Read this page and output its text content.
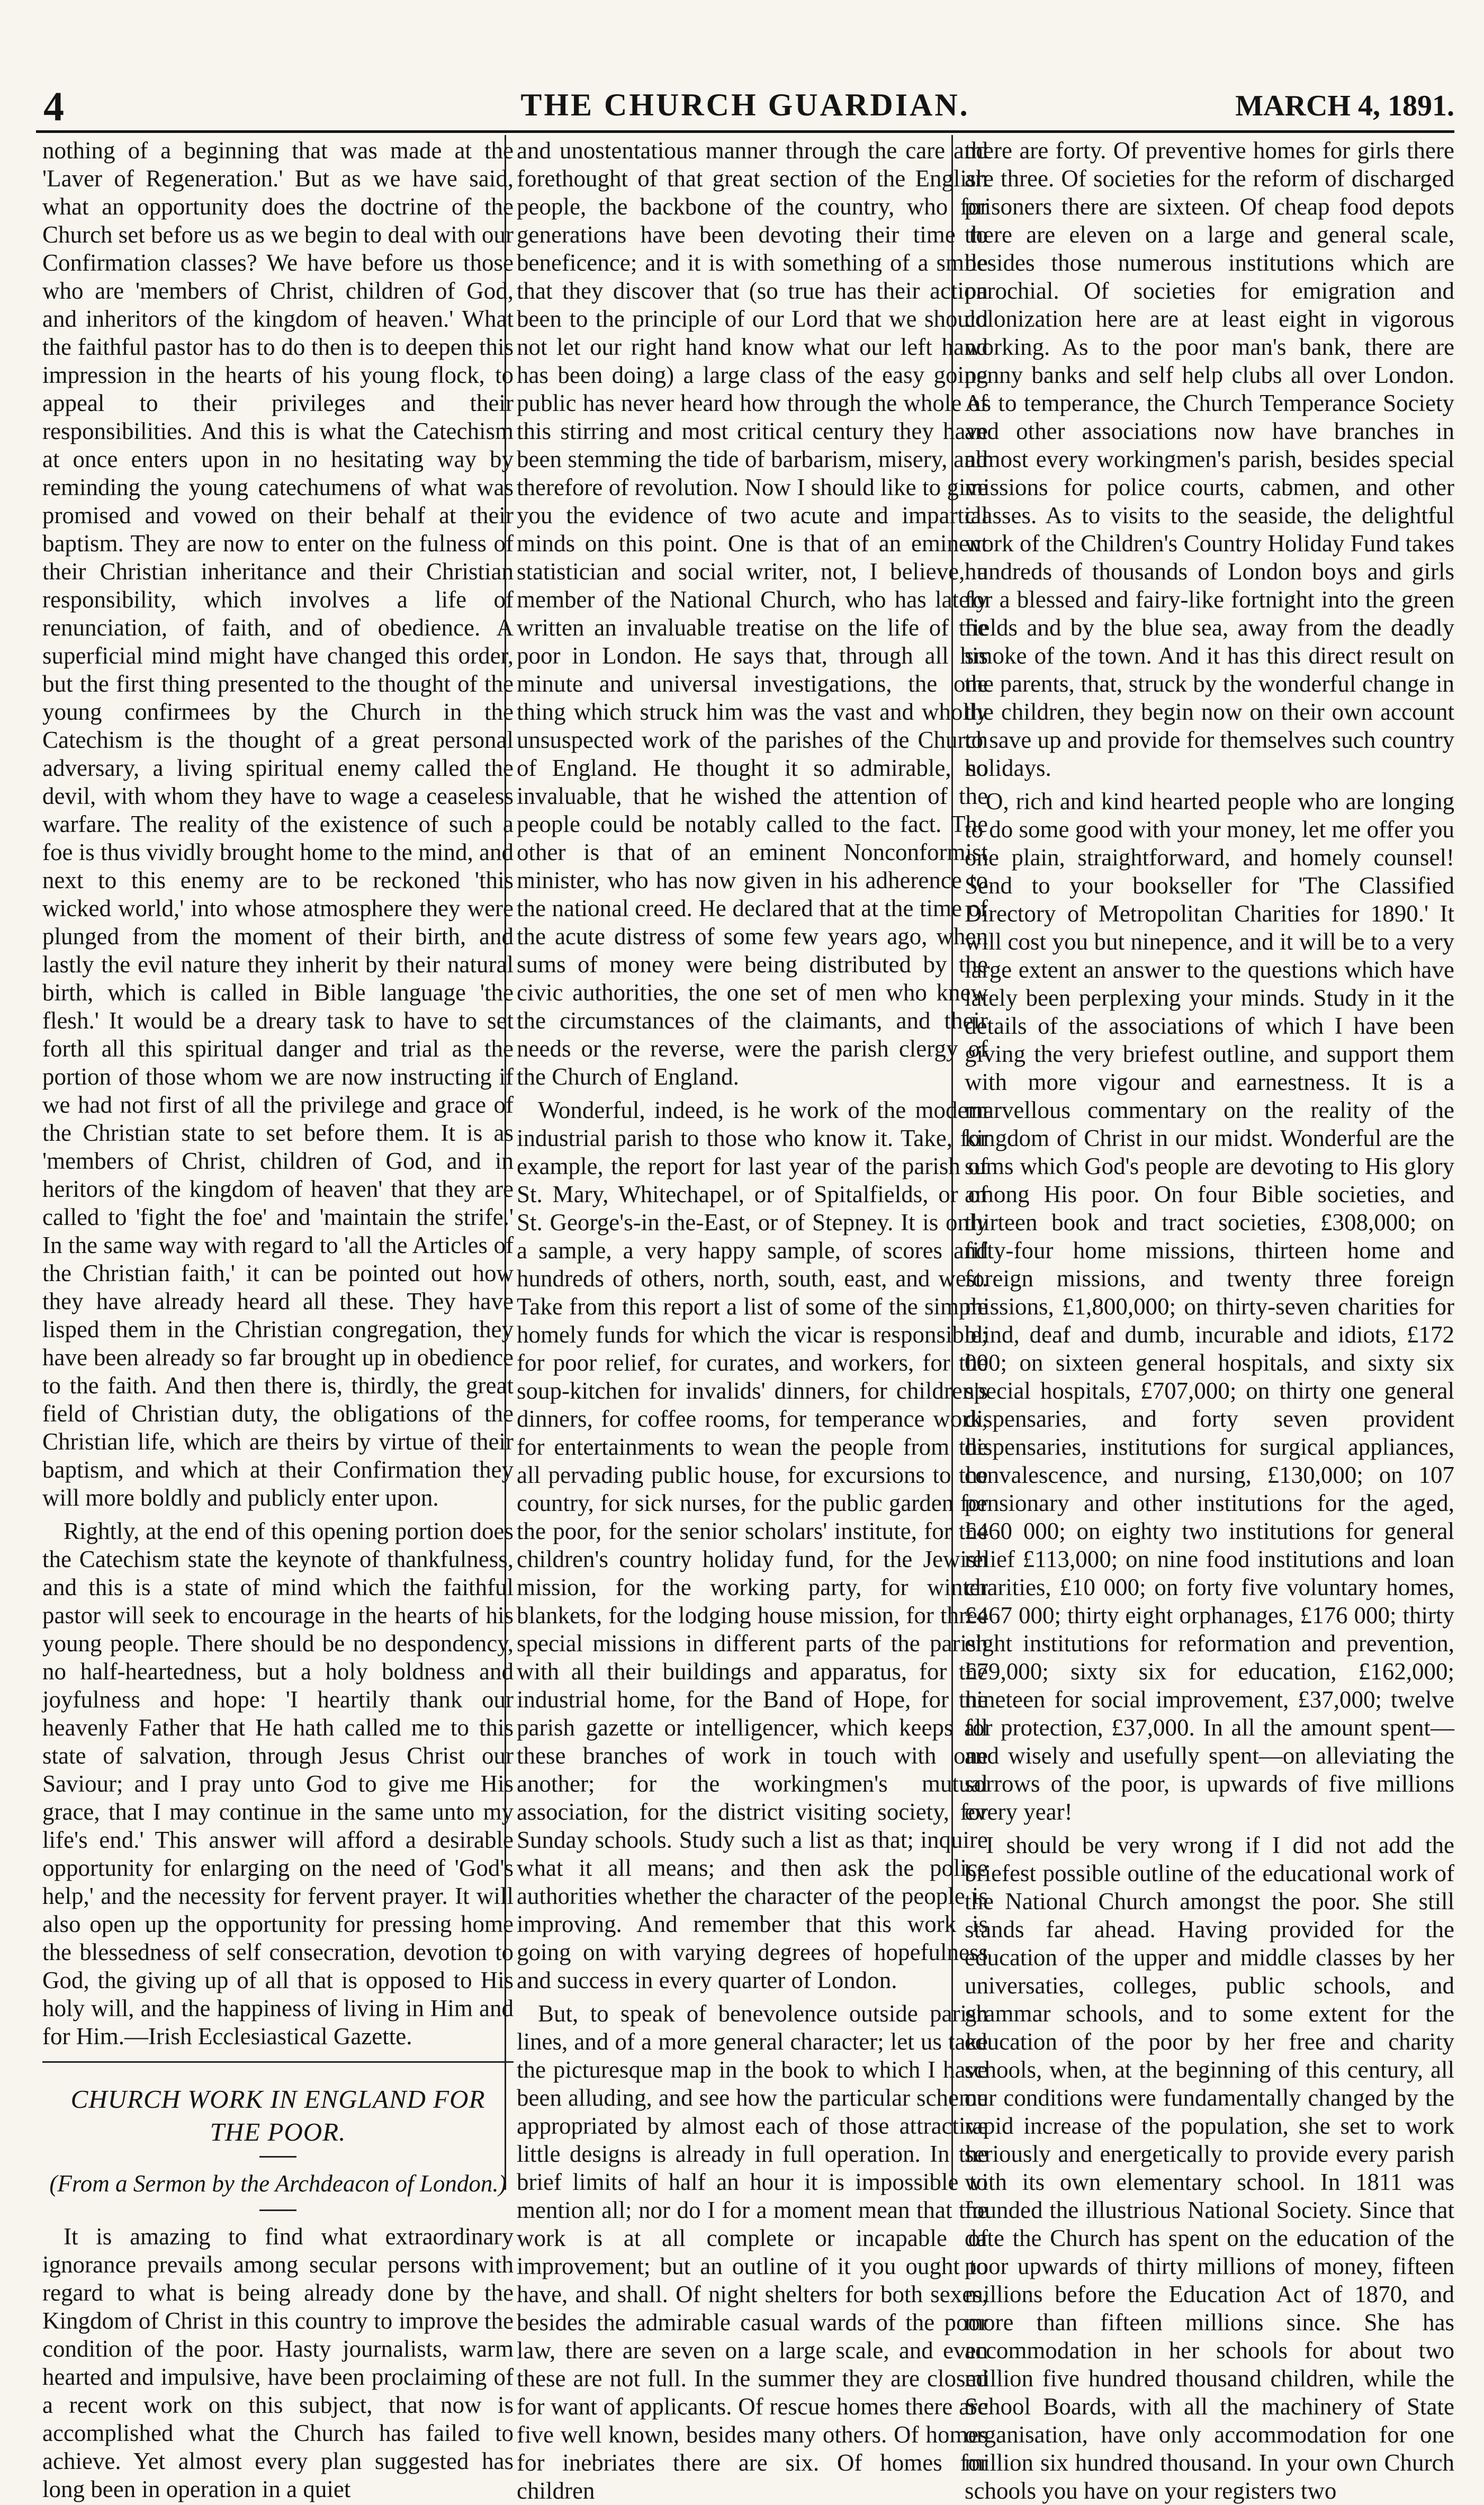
4	THE CHURCH GUARDIAN.	MARCH 4, 1891.

nothing of a beginning that was made at the 'Laver of Regeneration.' But as we have said, what an opportunity does the doctrine of the Church set before us as we begin to deal with our Confirmation classes? We have before us those who are 'members of Christ, children of God, and inheritors of the kingdom of heaven.' What the faithful pastor has to do then is to deepen this impression in the hearts of his young flock, to appeal to their privileges and their responsibilities. And this is what the Catechism at once enters upon in no hesitating way by reminding the young catechumens of what was promised and vowed on their behalf at their baptism. They are now to enter on the fulness of their Christian inheritance and their Christian responsibility, which involves a life of renunciation, of faith, and of obedience. A superficial mind might have changed this order, but the first thing presented to the thought of the young confirmees by the Church in the Catechism is the thought of a great personal adversary, a living spiritual enemy called the devil, with whom they have to wage a ceaseless warfare. The reality of the existence of such a foe is thus vividly brought home to the mind, and next to this enemy are to be reckoned 'this wicked world,' into whose atmosphere they were plunged from the moment of their birth, and lastly the evil nature they inherit by their natural birth, which is called in Bible language 'the flesh.' It would be a dreary task to have to set forth all this spiritual danger and trial as the portion of those whom we are now instructing if we had not first of all the privilege and grace of the Christian state to set before them. It is as 'members of Christ, children of God, and in heritors of the kingdom of heaven' that they are called to 'fight the foe' and 'maintain the strife.' In the same way with regard to 'all the Articles of the Christian faith,' it can be pointed out how they have already heard all these. They have lisped them in the Christian congregation, they have been already so far brought up in obedience to the faith. And then there is, thirdly, the great field of Christian duty, the obligations of the Christian life, which are theirs by virtue of their baptism, and which at their Confirmation they will more boldly and publicly enter upon.

Rightly, at the end of this opening portion does the Catechism state the keynote of thankfulness, and this is a state of mind which the faithful pastor will seek to encourage in the hearts of his young people. There should be no despondency, no half-heartedness, but a holy boldness and joyfulness and hope: 'I heartily thank our heavenly Father that He hath called me to this state of salvation, through Jesus Christ our Saviour; and I pray unto God to give me His grace, that I may continue in the same unto my life's end.' This answer will afford a desirable opportunity for enlarging on the need of 'God's help,' and the necessity for fervent prayer. It will also open up the opportunity for pressing home the blessedness of self consecration, devotion to God, the giving up of all that is opposed to His holy will, and the happiness of living in Him and for Him.—Irish Ecclesiastical Gazette.

CHURCH WORK IN ENGLAND FOR THE POOR.
(From a Sermon by the Archdeacon of London.)

It is amazing to find what extraordinary ignorance prevails among secular persons with regard to what is being already done by the Kingdom of Christ in this country to improve the condition of the poor. Hasty journalists, warm hearted and impulsive, have been proclaiming of a recent work on this subject, that now is accomplished what the Church has failed to achieve. Yet almost every plan suggested has long been in operation in a quiet

and unostentatious manner through the care and forethought of that great section of the English people, the backbone of the country, who for generations have been devoting their time to beneficence; and it is with something of a smile that they discover that (so true has their action been to the principle of our Lord that we should not let our right hand know what our left hand has been doing) a large class of the easy going public has never heard how through the whole of this stirring and most critical century they have been stemming the tide of barbarism, misery, and therefore of revolution. Now I should like to give you the evidence of two acute and impartial minds on this point. One is that of an eminent statistician and social writer, not, I believe, a member of the National Church, who has lately written an invaluable treatise on the life of the poor in London. He says that, through all his minute and universal investigations, the one thing which struck him was the vast and wholly unsuspected work of the parishes of the Church of England. He thought it so admirable, so invaluable, that he wished the attention of the people could be notably called to the fact. The other is that of an eminent Nonconformist minister, who has now given in his adherence to the national creed. He declared that at the time of the acute distress of some few years ago, when sums of money were being distributed by the civic authorities, the one set of men who knew the circumstances of the claimants, and their needs or the reverse, were the parish clergy of the Church of England.

Wonderful, indeed, is he work of the modern industrial parish to those who know it. Take, for example, the report for last year of the parish of St. Mary, Whitechapel, or of Spitalfields, or of St. George's-in the-East, or of Stepney. It is only a sample, a very happy sample, of scores and hundreds of others, north, south, east, and west. Take from this report a list of some of the simple homely funds for which the vicar is responsible; for poor relief, for curates, and workers, for the soup-kitchen for invalids' dinners, for children's dinners, for coffee rooms, for temperance work, for entertainments to wean the people from the all pervading public house, for excursions to the country, for sick nurses, for the public garden for the poor, for the senior scholars' institute, for the children's country holiday fund, for the Jewish mission, for the working party, for winter blankets, for the lodging house mission, for three special missions in different parts of the parish with all their buildings and apparatus, for the industrial home, for the Band of Hope, for the parish gazette or intelligencer, which keeps all these branches of work in touch with one another; for the workingmen's mutual association, for the district visiting society, for Sunday schools. Study such a list as that; inquire what it all means; and then ask the police authorities whether the character of the people is improving. And remember that this work is going on with varying degrees of hopefulness and success in every quarter of London.

But, to speak of benevolence outside parish lines, and of a more general character; let us take the picturesque map in the book to which I have been alluding, and see how the particular scheme appropriated by almost each of those attractive little designs is already in full operation. In the brief limits of half an hour it is impossible to mention all; nor do I for a moment mean that the work is at all complete or incapable of improvement; but an outline of it you ought to have, and shall. Of night shelters for both sexes, besides the admirable casual wards of the poor law, there are seven on a large scale, and even these are not full. In the summer they are closed for want of applicants. Of rescue homes there are five well known, besides many others. Of homes for inebriates there are six. Of homes for children

there are forty. Of preventive homes for girls there are three. Of societies for the reform of discharged prisoners there are sixteen. Of cheap food depots there are eleven on a large and general scale, besides those numerous institutions which are parochial. Of societies for emigration and colonization here are at least eight in vigorous working. As to the poor man's bank, there are penny banks and self help clubs all over London. As to temperance, the Church Temperance Society and other associations now have branches in almost every workingmen's parish, besides special missions for police courts, cabmen, and other classes. As to visits to the seaside, the delightful work of the Children's Country Holiday Fund takes hundreds of thousands of London boys and girls for a blessed and fairy-like fortnight into the green fields and by the blue sea, away from the deadly smoke of the town. And it has this direct result on the parents, that, struck by the wonderful change in the children, they begin now on their own account to save up and provide for themselves such country holidays.

O, rich and kind hearted people who are longing to do some good with your money, let me offer you one plain, straightforward, and homely counsel! Send to your bookseller for 'The Classified Directory of Metropolitan Charities for 1890.' It will cost you but ninepence, and it will be to a very large extent an answer to the questions which have lately been perplexing your minds. Study in it the details of the associations of which I have been giving the very briefest outline, and support them with more vigour and earnestness. It is a marvellous commentary on the reality of the kingdom of Christ in our midst. Wonderful are the sums which God's people are devoting to His glory among His poor. On four Bible societies, and thirteen book and tract societies, £308,000; on fifty-four home missions, thirteen home and foreign missions, and twenty three foreign missions, £1,800,000; on thirty-seven charities for blind, deaf and dumb, incurable and idiots, £172 000; on sixteen general hospitals, and sixty six special hospitals, £707,000; on thirty one general dispensaries, and forty seven provident dispensaries, institutions for surgical appliances, convalescence, and nursing, £130,000; on 107 pensionary and other institutions for the aged, £460 000; on eighty two institutions for general relief £113,000; on nine food institutions and loan charities, £10 000; on forty five voluntary homes, £467 000; thirty eight orphanages, £176 000; thirty eight institutions for reformation and prevention, £79,000; sixty six for education, £162,000; nineteen for social improvement, £37,000; twelve for protection, £37,000. In all the amount spent—and wisely and usefully spent—on alleviating the sorrows of the poor, is upwards of five millions every year!

I should be very wrong if I did not add the briefest possible outline of the educational work of the National Church amongst the poor. She still stands far ahead. Having provided for the education of the upper and middle classes by her universaties, colleges, public schools, and grammar schools, and to some extent for the education of the poor by her free and charity schools, when, at the beginning of this century, all our conditions were fundamentally changed by the rapid increase of the population, she set to work seriously and energetically to provide every parish with its own elementary school. In 1811 was founded the illustrious National Society. Since that date the Church has spent on the education of the poor upwards of thirty millions of money, fifteen millions before the Education Act of 1870, and more than fifteen millions since. She has accommodation in her schools for about two million five hundred thousand children, while the School Boards, with all the machinery of State organisation, have only accommodation for one million six hundred thousand. In your own Church schools you have on your registers two
